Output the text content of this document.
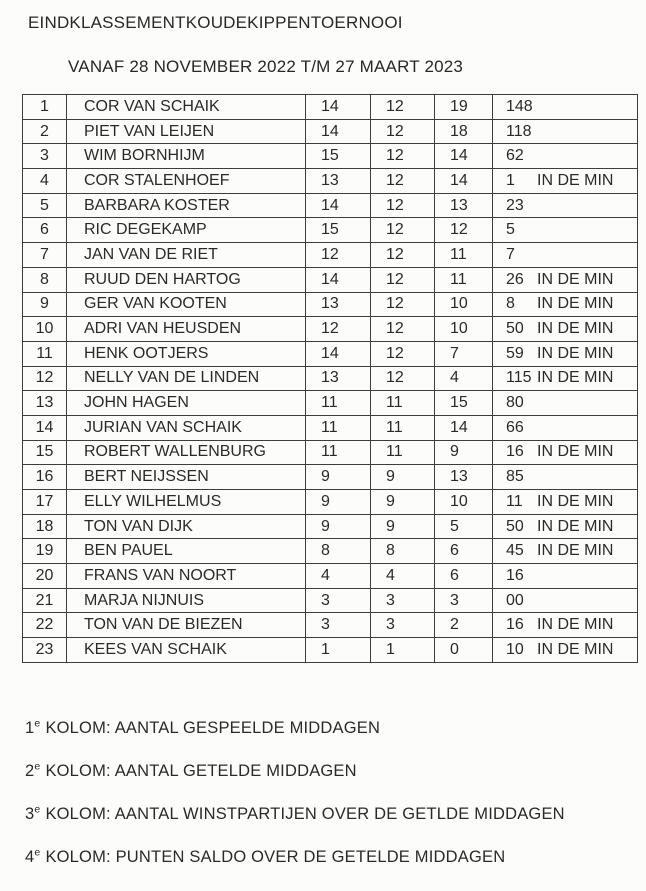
EINDKLASSEMENTKOUDEKIPPENTOERNOOI
VANAF 28 NOVEMBER 2022 T/M 27 MAART 2023
1	COR VAN SCHAIK	14	12	19	148
2	PIET VAN LEIJEN	14	12	18	118
3	WIM BORNHIJM	15	12	14	62
4	COR STALENHOEF	13	12	14	1 IN DE MIN
5	BARBARA KOSTER	14	12	13	23
6	RIC DEGEKAMP	15	12	12	5
7	JAN VAN DE RIET	12	12	11	7
8	RUUD DEN HARTOG	14	12	11	26 IN DE MIN
9	GER VAN KOOTEN	13	12	10	8 IN DE MIN
10	ADRI VAN HEUSDEN	12	12	10	50 IN DE MIN
11	HENK OOTJERS	14	12	7	59 IN DE MIN
12	NELLY VAN DE LINDEN	13	12	4	115 IN DE MIN
13	JOHN HAGEN	11	11	15	80
14	JURIAN VAN SCHAIK	11	11	14	66
15	ROBERT WALLENBURG	11	11	9	16 IN DE MIN
16	BERT NEIJSSEN	9	9	13	85
17	ELLY WILHELMUS	9	9	10	11 IN DE MIN
18	TON VAN DIJK	9	9	5	50 IN DE MIN
19	BEN PAUEL	8	8	6	45 IN DE MIN
20	FRANS VAN NOORT	4	4	6	16
21	MARJA NIJNUIS	3	3	3	00
22	TON VAN DE BIEZEN	3	3	2	16 IN DE MIN
23	KEES VAN SCHAIK	1	1	0	10 IN DE MIN
1e KOLOM: AANTAL GESPEELDE MIDDAGEN
2e KOLOM: AANTAL GETELDE MIDDAGEN
3e KOLOM: AANTAL WINSTPARTIJEN OVER DE GETLDE MIDDAGEN
4e KOLOM: PUNTEN SALDO OVER DE GETELDE MIDDAGEN
